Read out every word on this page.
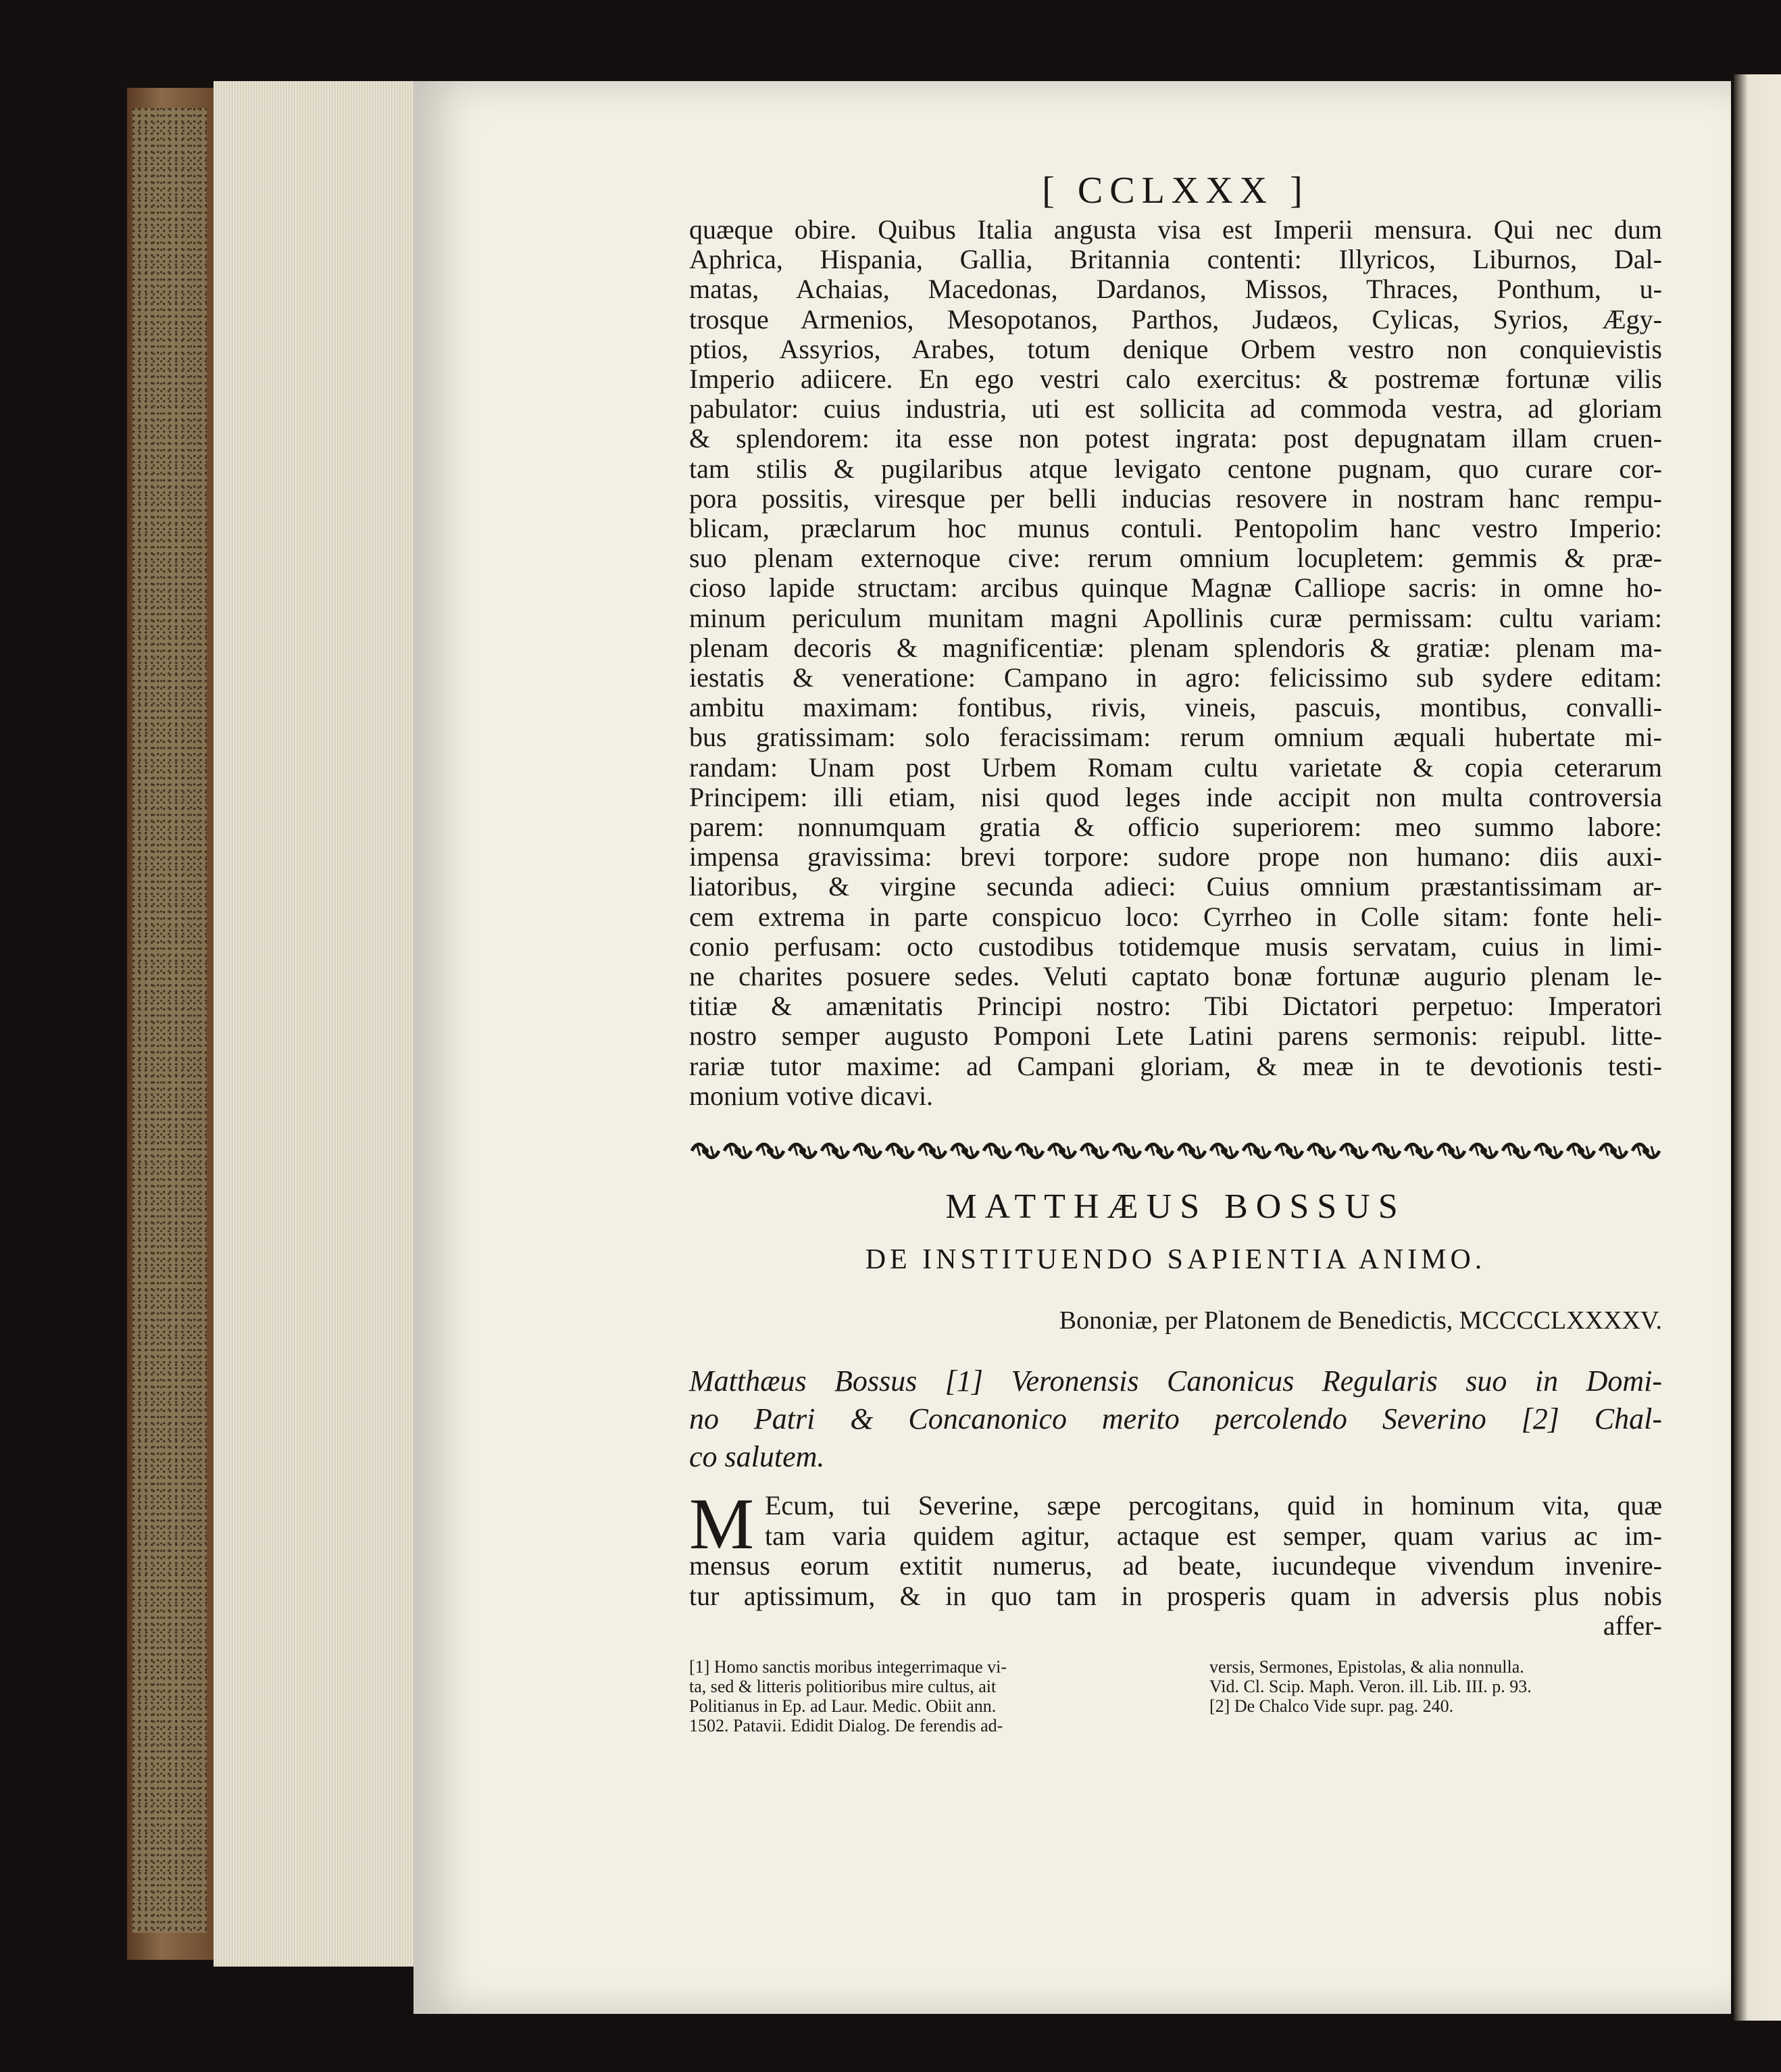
[ CCLXXX ]
quæque obire. Quibus Italia angusta visa est Imperii mensura. Qui nec dum
Aphrica, Hispania, Gallia, Britannia contenti: Illyricos, Liburnos, Dal-
matas, Achaias, Macedonas, Dardanos, Missos, Thraces, Ponthum, u-
trosque Armenios, Mesopotanos, Parthos, Judæos, Cylicas, Syrios, Ægy-
ptios, Assyrios, Arabes, totum denique Orbem vestro non conquievistis
Imperio adiicere. En ego vestri calo exercitus: & postremæ fortunæ vilis
pabulator: cuius industria, uti est sollicita ad commoda vestra, ad gloriam
& splendorem: ita esse non potest ingrata: post depugnatam illam cruen-
tam stilis & pugilaribus atque levigato centone pugnam, quo curare cor-
pora possitis, viresque per belli inducias resovere in nostram hanc rempu-
blicam, præclarum hoc munus contuli. Pentopolim hanc vestro Imperio:
suo plenam externoque cive: rerum omnium locupletem: gemmis & præ-
cioso lapide structam: arcibus quinque Magnæ Calliope sacris: in omne ho-
minum periculum munitam magni Apollinis curæ permissam: cultu variam:
plenam decoris & magnificentiæ: plenam splendoris & gratiæ: plenam ma-
iestatis & veneratione: Campano in agro: felicissimo sub sydere editam:
ambitu maximam: fontibus, rivis, vineis, pascuis, montibus, convalli-
bus gratissimam: solo feracissimam: rerum omnium æquali hubertate mi-
randam: Unam post Urbem Romam cultu varietate & copia ceterarum
Principem: illi etiam, nisi quod leges inde accipit non multa controversia
parem: nonnumquam gratia & officio superiorem: meo summo labore:
impensa gravissima: brevi torpore: sudore prope non humano: diis auxi-
liatoribus, & virgine secunda adieci: Cuius omnium præstantissimam ar-
cem extrema in parte conspicuo loco: Cyrrheo in Colle sitam: fonte heli-
conio perfusam: octo custodibus totidemque musis servatam, cuius in limi-
ne charites posuere sedes. Veluti captato bonæ fortunæ augurio plenam le-
titiæ & amænitatis Principi nostro: Tibi Dictatori perpetuo: Imperatori
nostro semper augusto Pomponi Lete Latini parens sermonis: reipubl. litte-
rariæ tutor maxime: ad Campani gloriam, & meæ in te devotionis testi-
monium votive dicavi.
MATTHÆUS BOSSUS
DE INSTITUENDO SAPIENTIA ANIMO.
Bononiæ, per Platonem de Benedictis, MCCCCLXXXXV.
Matthæus Bossus [1] Veronensis Canonicus Regularis suo in Domi-
no Patri & Concanonico merito percolendo Severino [2] Chal-
co salutem.
M Ecum, tui Severine, sæpe percogitans, quid in hominum vita, quæ
tam varia quidem agitur, actaque est semper, quam varius ac im-
mensus eorum extitit numerus, ad beate, iucundeque vivendum invenire-
tur aptissimum, & in quo tam in prosperis quam in adversis plus nobis
affer-
[1] Homo sanctis moribus integerrimaque vi-
ta, sed & litteris politioribus mire cultus, ait
Politianus in Ep. ad Laur. Medic. Obiit ann.
1502. Patavii. Edidit Dialog. De ferendis ad-
versis, Sermones, Epistolas, & alia nonnulla.
Vid. Cl. Scip. Maph. Veron. ill. Lib. III. p. 93.
[2] De Chalco Vide supr. pag. 240.
